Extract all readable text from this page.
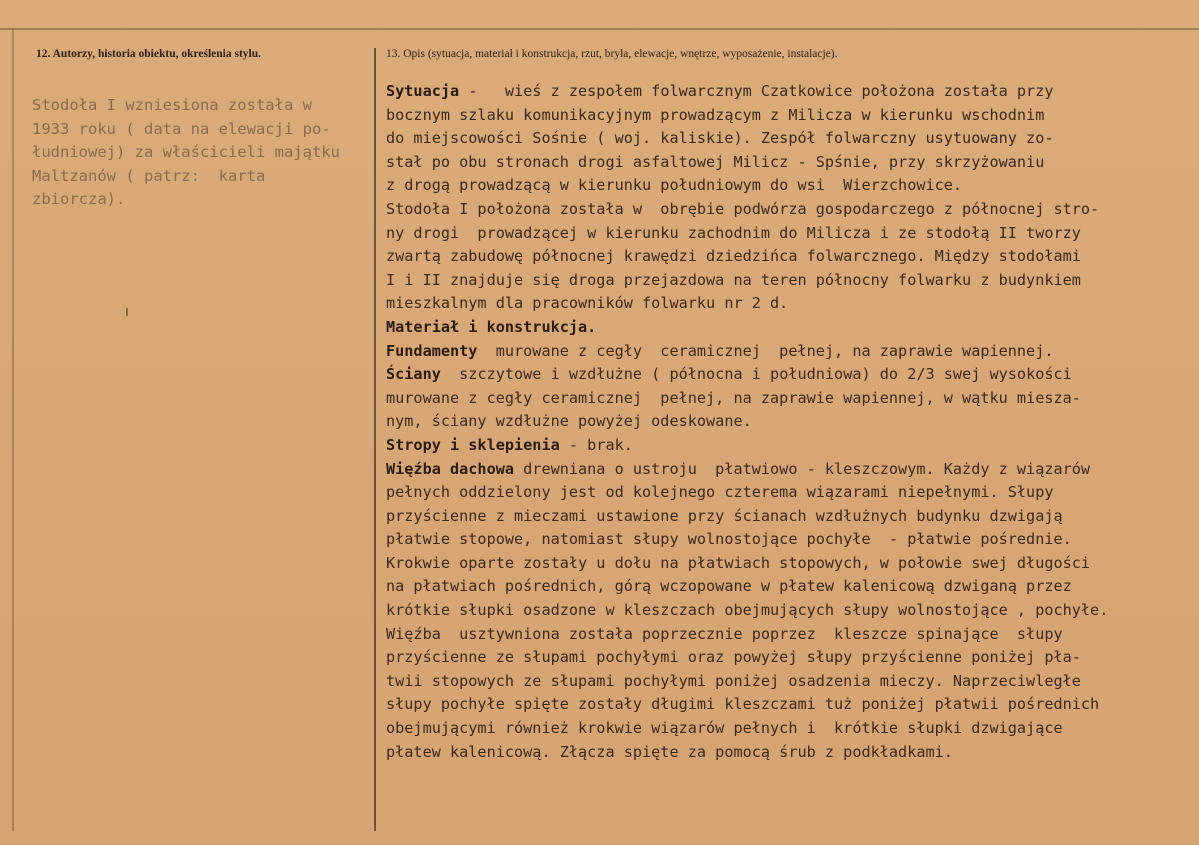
12. Autorzy, historia obiektu, określenia stylu.	13. Opis (sytuacja, materiał i konstrukcja, rzut, bryła, elewacje, wnętrze, wyposażenie, instalacje).
Stodoła I wzniesiona została w
1933 roku ( data na elewacji po-
łudniowej) za właścicieli majątku
Maltzanów ( patrz:  karta
zbiorcza).
Sytuacja -   wieś z zespołem folwarcznym Czatkowice położona została przy
bocznym szlaku komunikacyjnym prowadzącym z Milicza w kierunku wschodnim
do miejscowości Sośnie ( woj. kaliskie). Zespół folwarczny usytuowany zo-
stał po obu stronach drogi asfaltowej Milicz - Spśnie, przy skrzyżowaniu
z drogą prowadzącą w kierunku południowym do wsi  Wierzchowice.
Stodoła I położona została w  obrębie podwórza gospodarczego z północnej stro-
ny drogi  prowadzącej w kierunku zachodnim do Milicza i ze stodołą II tworzy
zwartą zabudowę północnej krawędzi dziedzińca folwarcznego. Między stodołami
I i II znajduje się droga przejazdowa na teren północny folwarku z budynkiem
mieszkalnym dla pracowników folwarku nr 2 d.
Materiał i konstrukcja.
Fundamenty  murowane z cegły  ceramicznej  pełnej, na zaprawie wapiennej.
Ściany  szczytowe i wzdłużne ( północna i południowa) do 2/3 swej wysokości
murowane z cegły ceramicznej  pełnej, na zaprawie wapiennej, w wątku miesza-
nym, ściany wzdłużne powyżej odeskowane.
Stropy i sklepienia - brak.
Więźba dachowa drewniana o ustroju  płatwiowo - kleszczowym. Każdy z wiązarów
pełnych oddzielony jest od kolejnego czterema wiązarami niepełnymi. Słupy
przyścienne z mieczami ustawione przy ścianach wzdłużnych budynku dzwigają
płatwie stopowe, natomiast słupy wolnostojące pochyłe  - płatwie pośrednie.
Krokwie oparte zostały u dołu na płatwiach stopowych, w połowie swej długości
na płatwiach pośrednich, górą wczopowane w płatew kalenicową dzwiganą przez
krótkie słupki osadzone w kleszczach obejmujących słupy wolnostojące , pochyłe.
Więźba  usztywniona została poprzecznie poprzez  kleszcze spinające  słupy
przyścienne ze słupami pochyłymi oraz powyżej słupy przyścienne poniżej pła-
twii stopowych ze słupami pochyłymi poniżej osadzenia mieczy. Naprzeciwległe
słupy pochyłe spięte zostały długimi kleszczami tuż poniżej płatwii pośrednich
obejmującymi również krokwie wiązarów pełnych i  krótkie słupki dzwigające
płatew kalenicową. Złącza spięte za pomocą śrub z podkładkami.
